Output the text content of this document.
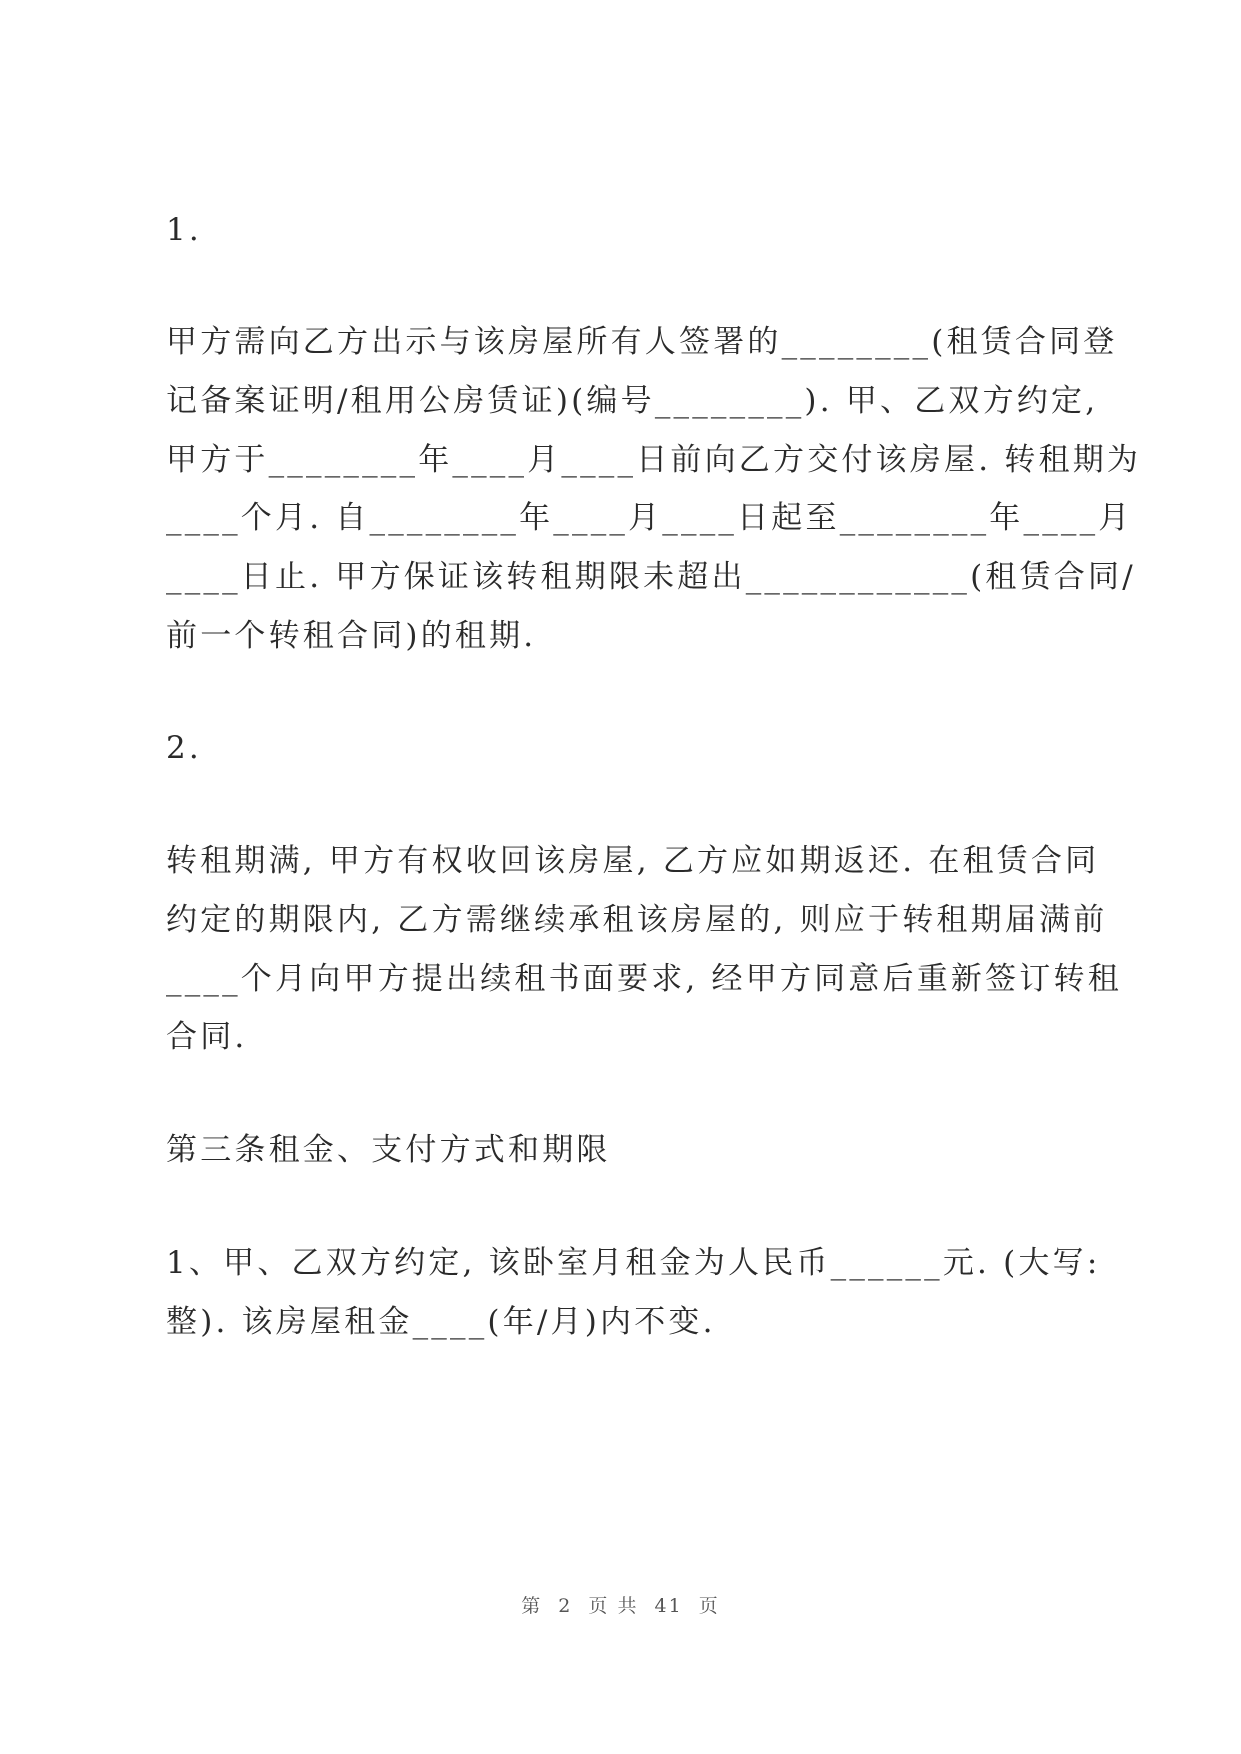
1.
甲方需向乙方出示与该房屋所有人签署的________(租赁合同登
记备案证明/租用公房赁证)(编号________). 甲、乙双方约定,
甲方于________年____月____日前向乙方交付该房屋. 转租期为
____个月. 自________年____月____日起至________年____月
____日止. 甲方保证该转租期限未超出____________(租赁合同/
前一个转租合同)的租期.
2.
转租期满, 甲方有权收回该房屋, 乙方应如期返还. 在租赁合同
约定的期限内, 乙方需继续承租该房屋的, 则应于转租期届满前
____个月向甲方提出续租书面要求, 经甲方同意后重新签订转租
合同.
第三条租金、支付方式和期限
1、甲、乙双方约定, 该卧室月租金为人民币______元. (大写:
整). 该房屋租金____(年/月)内不变.
第  2  页 共  41  页
